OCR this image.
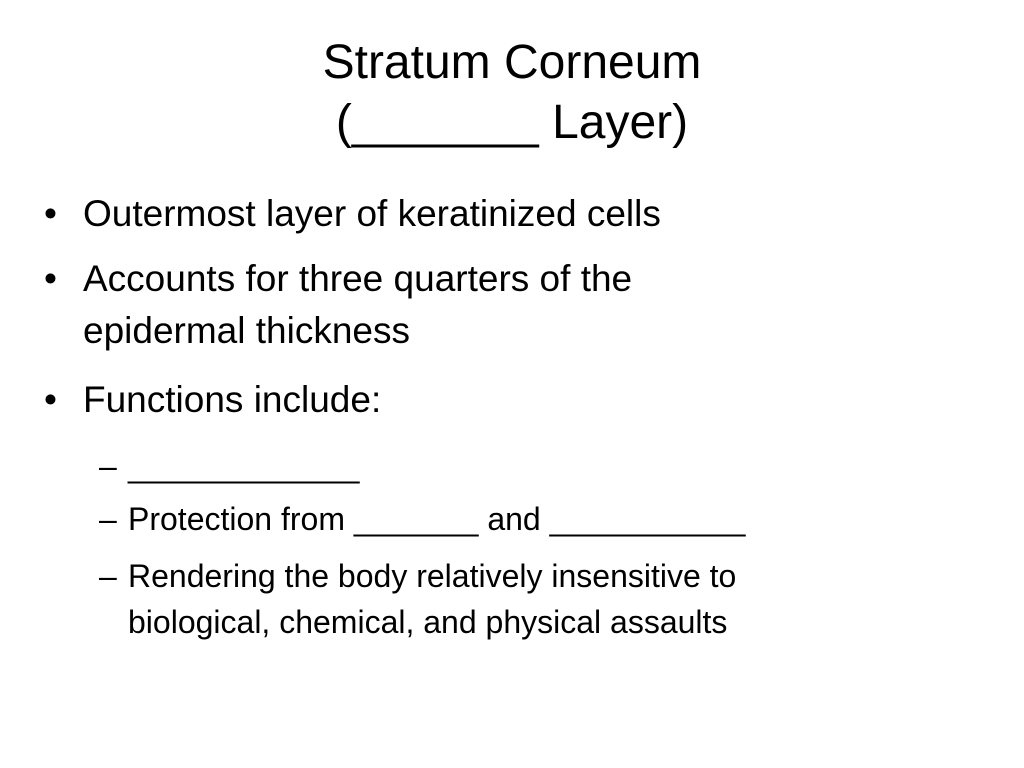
Stratum Corneum
(_______ Layer)
• Outermost layer of keratinized cells
• Accounts for three quarters of the
epidermal thickness
• Functions include:
– _____________
– Protection from _______ and ___________
– Rendering the body relatively insensitive to
biological, chemical, and physical assaults
